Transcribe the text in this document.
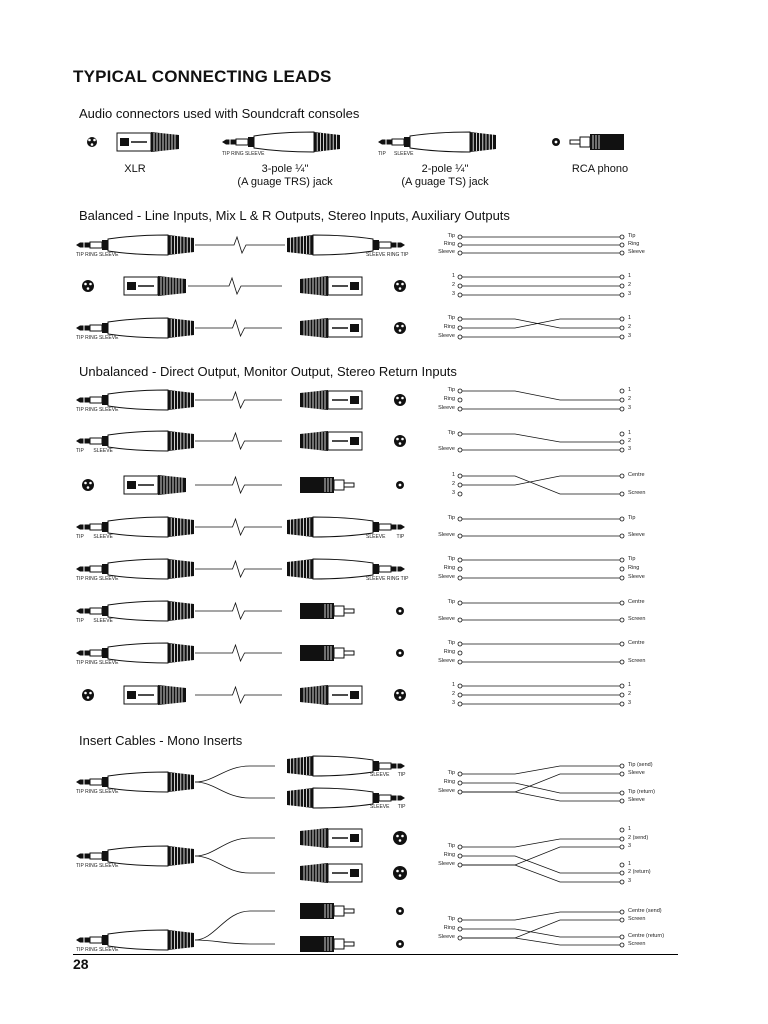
TYPICAL CONNECTING LEADS
Audio connectors used with Soundcraft consoles
Balanced - Line Inputs, Mix L & R Outputs, Stereo Inputs, Auxiliary Outputs
Unbalanced - Direct Output, Monitor Output, Stereo Return Inputs
Insert Cables - Mono Inserts
XLR	3-pole ¼"
(A guage TRS) jack
2-pole ¼"
(A guage TS) jack
RCA phono
TIP RING SLEEVE	TIP      SLEEVE
TIP RING SLEEVE	SLEEVE RING TIP
Tip
Ring
Sleeve
Tip
Ring
Sleeve
1
2
3
1
2
3
TIP RING SLEEVE
Tip
Ring
Sleeve
1
2
3
TIP RING SLEEVE
Tip
Ring
Sleeve
1
2
3
TIP       SLEEVE
Tip
Sleeve
1
2
3
1
2
3
Centre
Screen
TIP       SLEEVE	SLEEVE        TIP
Tip
Sleeve
Tip
Sleeve
TIP RING SLEEVE	SLEEVE RING TIP
Tip
Ring
Sleeve
Tip
Ring
Sleeve
TIP       SLEEVE
Tip
Sleeve
Centre
Screen
TIP RING SLEEVE
Tip
Ring
Sleeve
Centre
Screen
1
2
3
1
2
3
TIP RING SLEEVE
SLEEVE      TIP
SLEEVE      TIP
Tip
Ring
Sleeve
Tip (send)
Sleeve
Tip (return)
Sleeve
TIP RING SLEEVE
Tip
Ring
Sleeve
1
2 (send)
3
1
2 (return)
3
TIP RING SLEEVE
Tip
Ring
Sleeve
Centre (send)
Screen
Centre (return)
Screen
28
